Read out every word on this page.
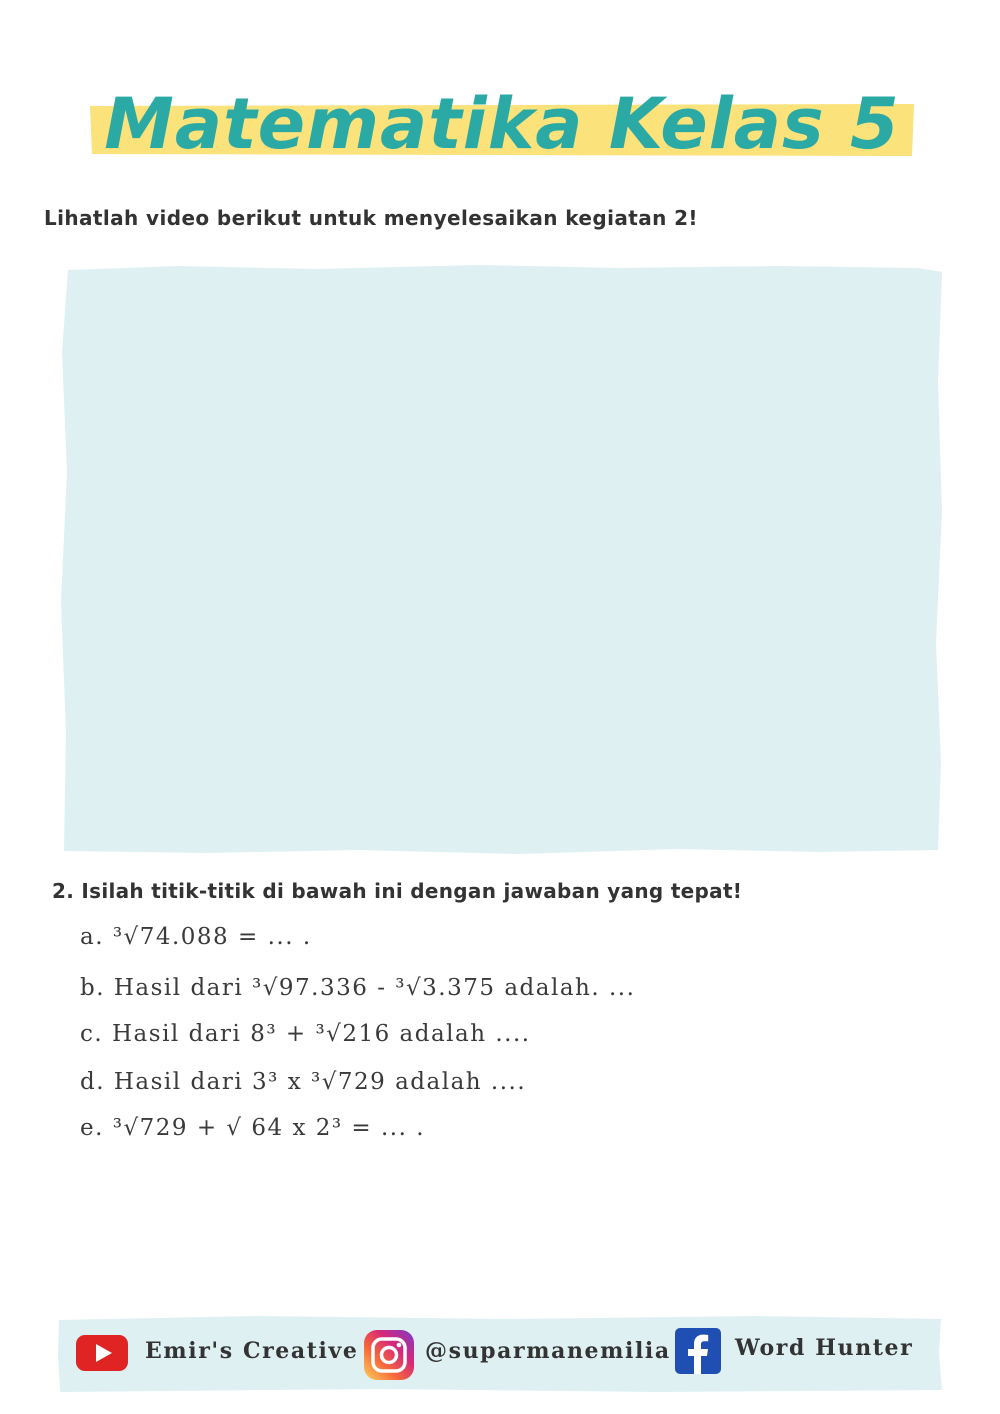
Matematika Kelas 5
Lihatlah video berikut untuk menyelesaikan kegiatan 2!
2. Isilah titik-titik di bawah ini dengan jawaban yang tepat!
a. ³√74.088 = ... .
b. Hasil dari ³√97.336 - ³√3.375 adalah. ...
c. Hasil dari 8³ + ³√216 adalah ....
d. Hasil dari 3³ x ³√729 adalah ....
e. ³√729 + √ 64 x 2³ = ... .
Emir's Creative	@suparmanemilia	Word Hunter
